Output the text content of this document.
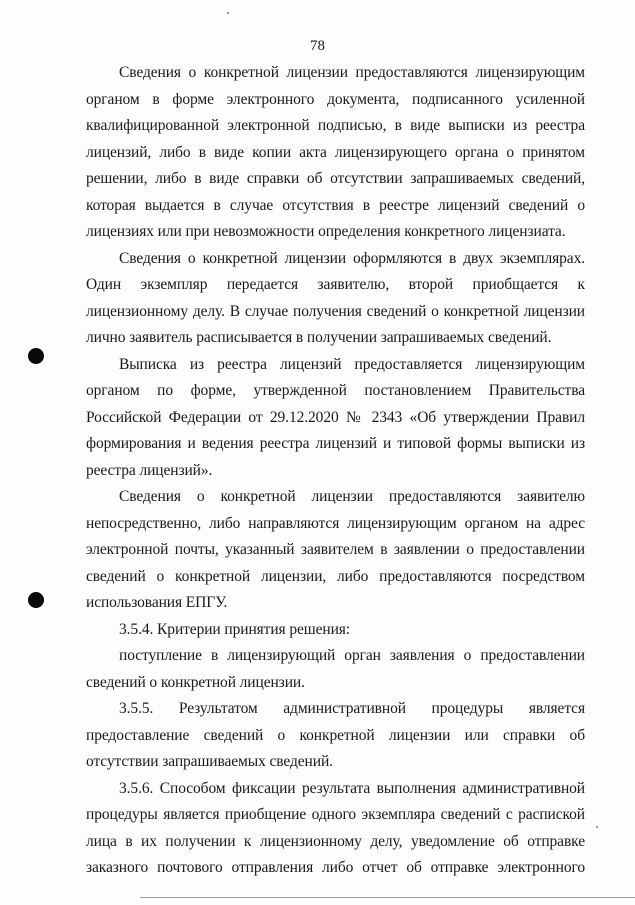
78

Сведения о конкретной лицензии предоставляются лицензирующим органом в форме электронного документа, подписанного усиленной квалифицированной электронной подписью, в виде выписки из реестра лицензий, либо в виде копии акта лицензирующего органа о принятом решении, либо в виде справки об отсутствии запрашиваемых сведений, которая выдается в случае отсутствия в реестре лицензий сведений о лицензиях или при невозможности определения конкретного лицензиата.

Сведения о конкретной лицензии оформляются в двух экземплярах. Один экземпляр передается заявителю, второй приобщается к лицензионному делу. В случае получения сведений о конкретной лицензии лично заявитель расписывается в получении запрашиваемых сведений.

Выписка из реестра лицензий предоставляется лицензирующим органом по форме, утвержденной постановлением Правительства Российской Федерации от 29.12.2020 № 2343 «Об утверждении Правил формирования и ведения реестра лицензий и типовой формы выписки из реестра лицензий».

Сведения о конкретной лицензии предоставляются заявителю непосредственно, либо направляются лицензирующим органом на адрес электронной почты, указанный заявителем в заявлении о предоставлении сведений о конкретной лицензии, либо предоставляются посредством использования ЕПГУ.

3.5.4. Критерии принятия решения:

поступление в лицензирующий орган заявления о предоставлении сведений о конкретной лицензии.

3.5.5. Результатом административной процедуры является предоставление сведений о конкретной лицензии или справки об отсутствии запрашиваемых сведений.

3.5.6. Способом фиксации результата выполнения административной процедуры является приобщение одного экземпляра сведений с распиской лица в их получении к лицензионному делу, уведомление об отправке заказного почтового отправления либо отчет об отправке электронного
